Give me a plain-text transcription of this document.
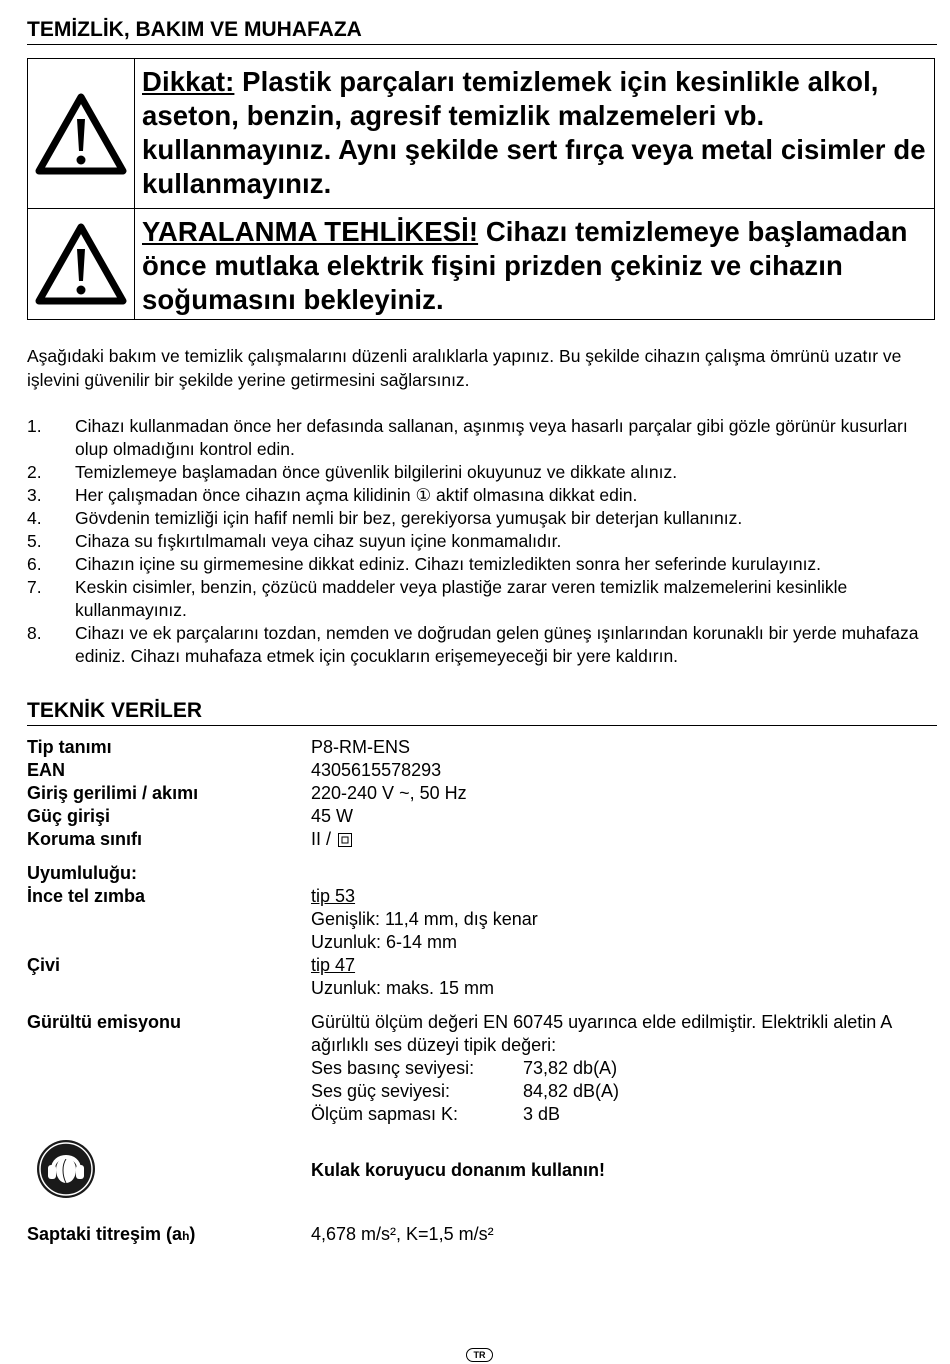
TEMİZLİK, BAKIM VE MUHAFAZA
Dikkat: Plastik parçaları temizlemek için kesinlikle alkol, aseton, benzin, agresif temizlik malzemeleri vb. kullanmayınız. Aynı şekilde sert fırça veya metal cisimler de kullanmayınız.
YARALANMA TEHLİKESİ! Cihazı temizlemeye başlamadan önce mutlaka elektrik fişini prizden çekiniz ve cihazın soğumasını bekleyiniz.
Aşağıdaki bakım ve temizlik çalışmalarını düzenli aralıklarla yapınız. Bu şekilde cihazın çalışma ömrünü uzatır ve işlevini güvenilir bir şekilde yerine getirmesini sağlarsınız.
1. Cihazı kullanmadan önce her defasında sallanan, aşınmış veya hasarlı parçalar gibi gözle görünür kusurları olup olmadığını kontrol edin.
2. Temizlemeye başlamadan önce güvenlik bilgilerini okuyunuz ve dikkate alınız.
3. Her çalışmadan önce cihazın açma kilidinin ① aktif olmasına dikkat edin.
4. Gövdenin temizliği için hafif nemli bir bez, gerekiyorsa yumuşak bir deterjan kullanınız.
5. Cihaza su fışkırtılmamalı veya cihaz suyun içine konmamalıdır.
6. Cihazın içine su girmemesine dikkat ediniz. Cihazı temizledikten sonra her seferinde kurulayınız.
7. Keskin cisimler, benzin, çözücü maddeler veya plastiğe zarar veren temizlik malzemelerini kesinlikle kullanmayınız.
8. Cihazı ve ek parçalarını tozdan, nemden ve doğrudan gelen güneş ışınlarından korunaklı bir yerde muhafaza ediniz. Cihazı muhafaza etmek için çocukların erişemeyeceği bir yere kaldırın.
TEKNİK VERİLER
Tip tanımı	P8-RM-ENS
EAN	4305615578293
Giriş gerilimi / akımı	220-240 V ~, 50 Hz
Güç girişi	45 W
Koruma sınıfı	II /
Uyumluluğu:
İnce tel zımba	tip 53
Genişlik: 11,4 mm, dış kenar
Uzunluk: 6-14 mm
Çivi	tip 47
Uzunluk: maks. 15 mm
Gürültü emisyonu	Gürültü ölçüm değeri EN 60745 uyarınca elde edilmiştir. Elektrikli aletin A ağırlıklı ses düzeyi tipik değeri:
Ses basınç seviyesi:	73,82 db(A)
Ses güç seviyesi:	84,82 dB(A)
Ölçüm sapması K:	3 dB
Kulak koruyucu donanım kullanın!
Saptaki titreşim (ah)	4,678 m/s², K=1,5 m/s²
TR
